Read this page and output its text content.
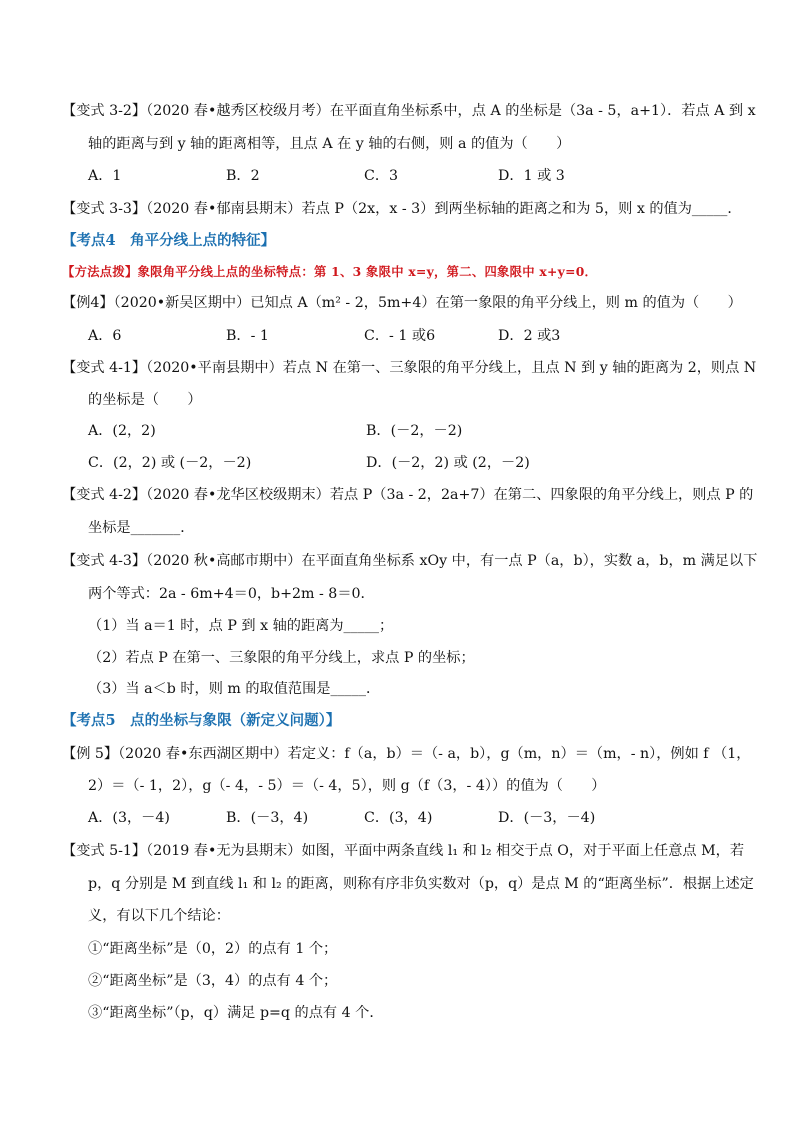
【变式 3-2】（2020 春•越秀区校级月考）在平面直角坐标系中，点 A 的坐标是（3a - 5，a+1）．若点 A 到 x
轴的距离与到 y 轴的距离相等，且点 A 在 y 轴的右侧，则 a 的值为（　　）
A．1	B．2	C．3	D．1 或 3
【变式 3-3】（2020 春•郁南县期末）若点 P（2x，x - 3）到两坐标轴的距离之和为 5，则 x 的值为_____．
【考点4　角平分线上点的特征】
【方法点拨】象限角平分线上点的坐标特点：第 1、3 象限中 x=y，第二、四象限中 x+y=0．
【例4】（2020•新吴区期中）已知点 A（m² - 2，5m+4）在第一象限的角平分线上，则 m 的值为（　　）
A．6	B．- 1	C．- 1 或6	D．2 或3
【变式 4-1】（2020•平南县期中）若点 N 在第一、三象限的角平分线上，且点 N 到 y 轴的距离为 2，则点 N
的坐标是（　　）
A．(2，2)	B．(－2，－2)
C．(2，2) 或 (－2，－2)	D．(－2，2) 或 (2，－2)
【变式 4-2】（2020 春•龙华区校级期末）若点 P（3a - 2，2a+7）在第二、四象限的角平分线上，则点 P 的
坐标是_______．
【变式 4-3】（2020 秋•高邮市期中）在平面直角坐标系 xOy 中，有一点 P（a，b），实数 a，b，m 满足以下
两个等式：2a - 6m+4＝0，b+2m - 8＝0．
（1）当 a＝1 时，点 P 到 x 轴的距离为_____；
（2）若点 P 在第一、三象限的角平分线上，求点 P 的坐标；
（3）当 a＜b 时，则 m 的取值范围是_____．
【考点5　点的坐标与象限（新定义问题）】
【例 5】（2020 春•东西湖区期中）若定义：f（a，b）＝（- a，b），g（m，n）＝（m，- n），例如 f （1，
2）＝（- 1，2），g（- 4，- 5）＝（- 4，5），则 g（f（3，- 4））的值为（　　）
A．(3，－4)	B．(－3，4)	C．(3，4)	D．(－3，－4)
【变式 5-1】（2019 春•无为县期末）如图，平面中两条直线 l₁ 和 l₂ 相交于点 O，对于平面上任意点 M，若
p，q 分别是 M 到直线 l₁ 和 l₂ 的距离，则称有序非负实数对（p，q）是点 M 的“距离坐标”．根据上述定
义，有以下几个结论：
①“距离坐标”是（0，2）的点有 1 个；
②“距离坐标”是（3，4）的点有 4 个；
③“距离坐标”（p，q）满足 p=q 的点有 4 个．
